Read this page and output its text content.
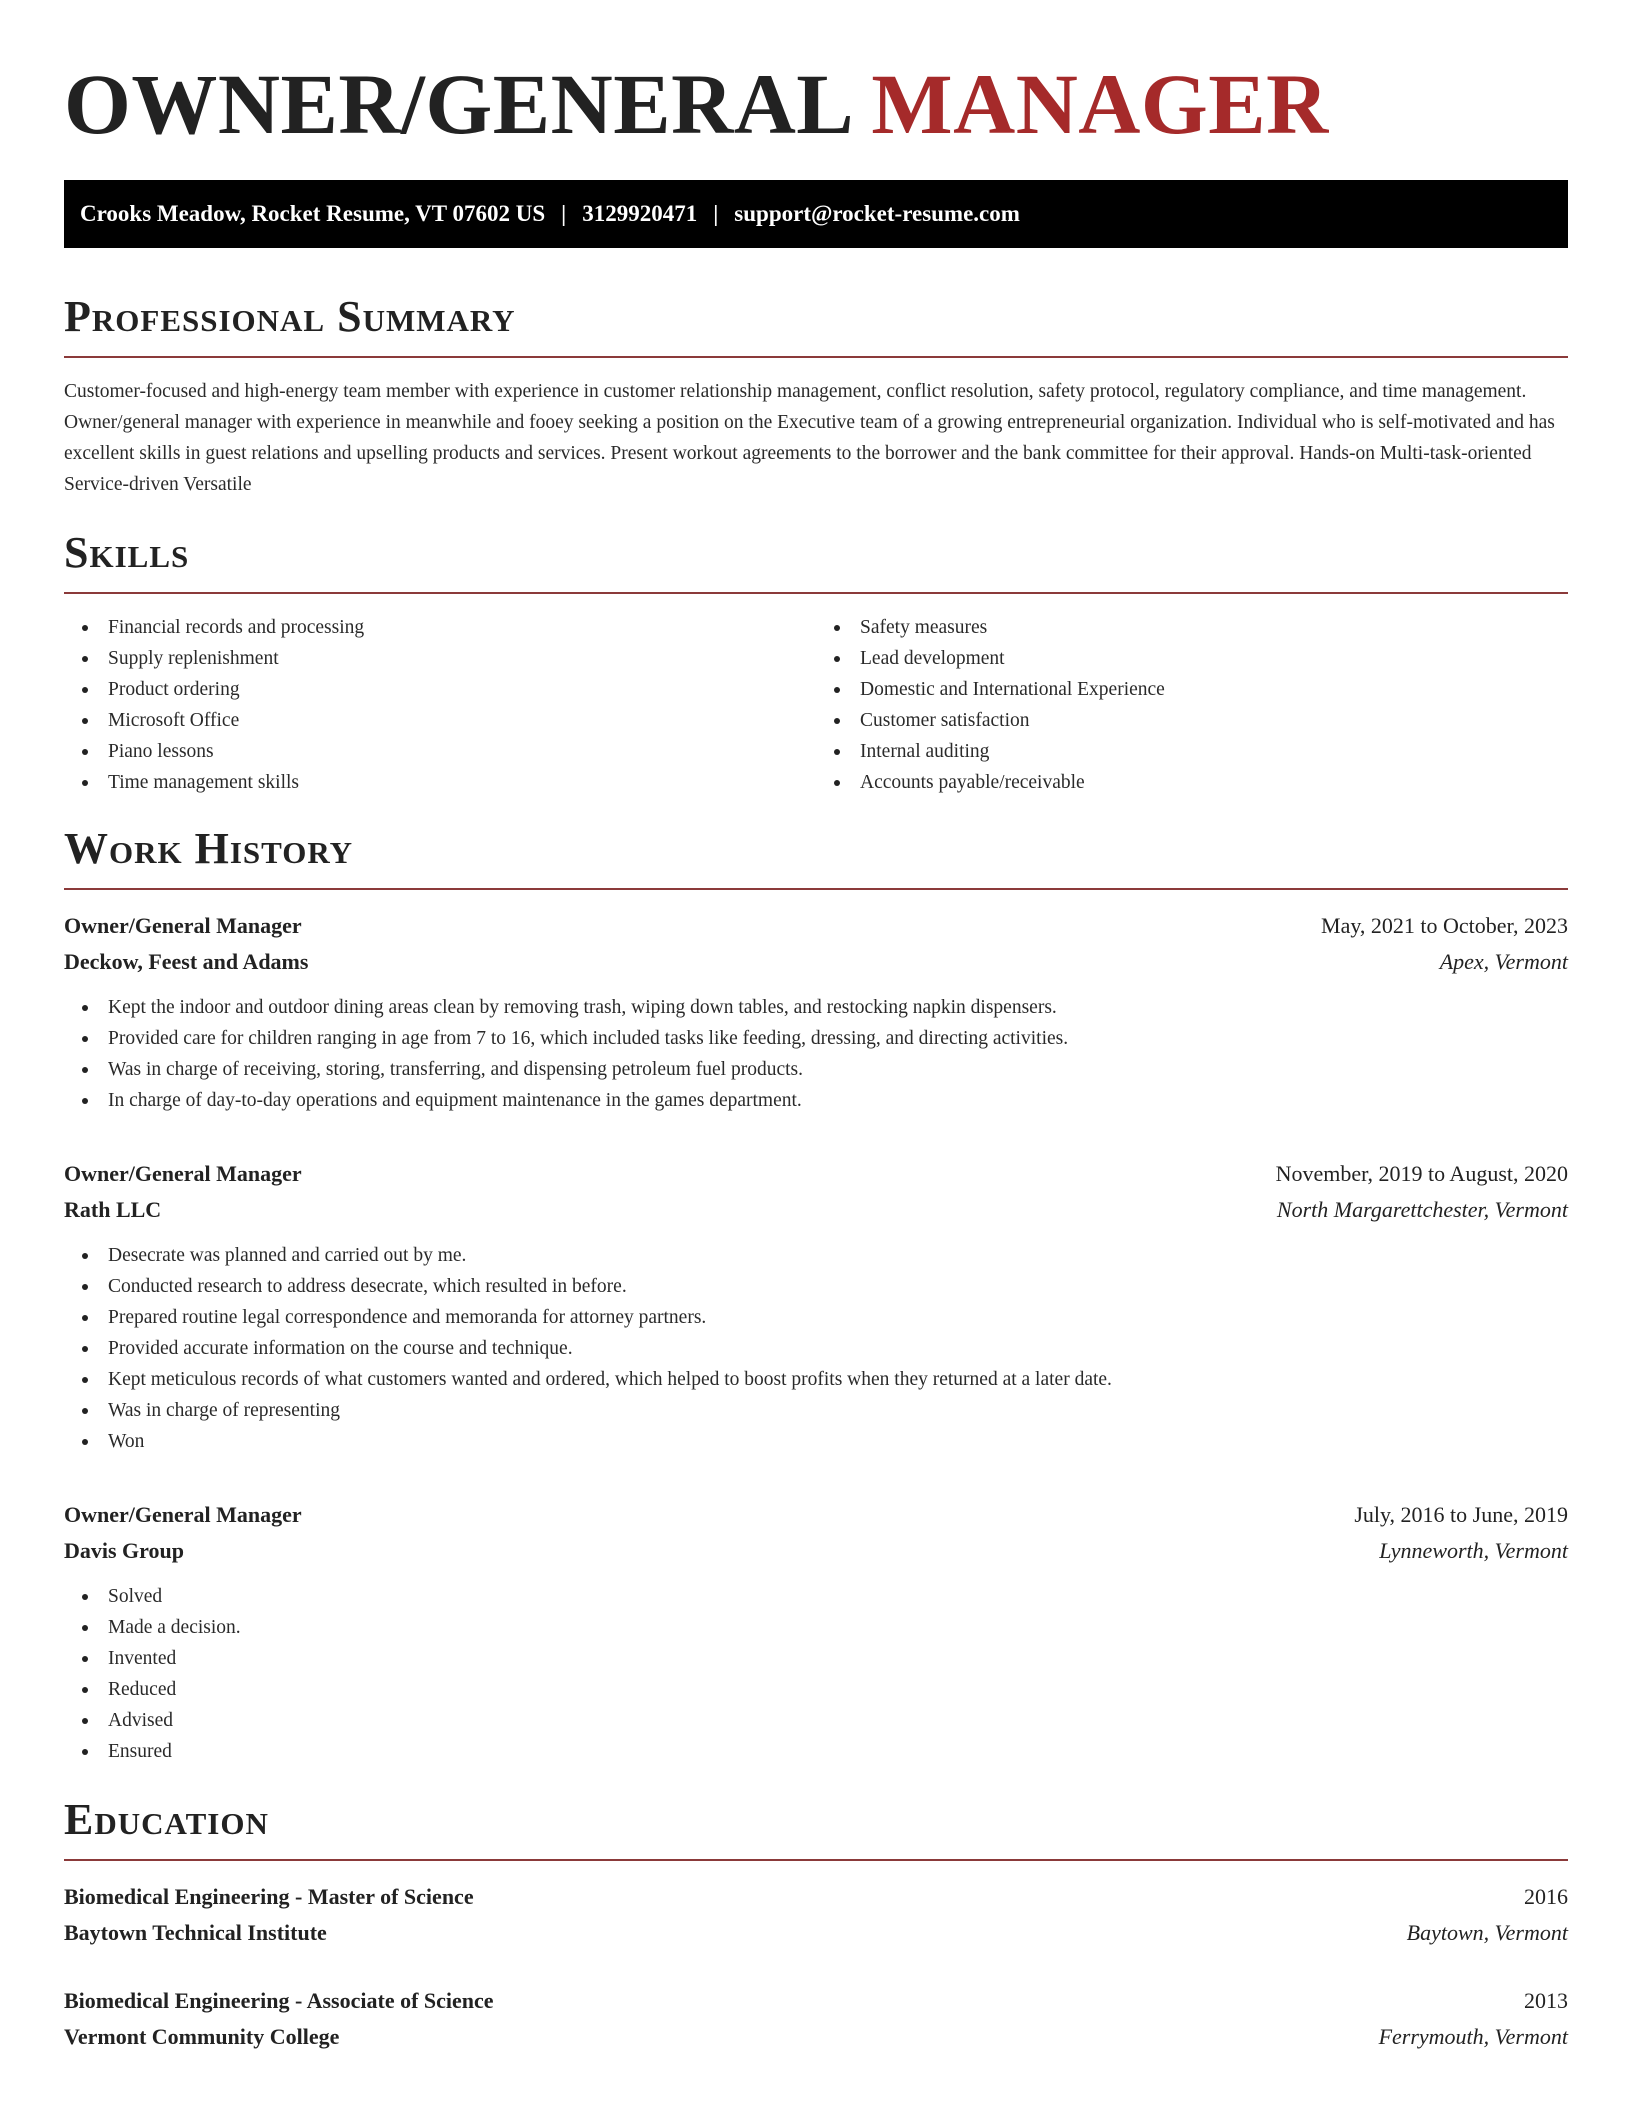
OWNER/GENERAL MANAGER
Crooks Meadow, Rocket Resume, VT 07602 US | 3129920471 | support@rocket-resume.com
Professional Summary

Customer-focused and high-energy team member with experience in customer relationship management, conflict resolution, safety protocol, regulatory compliance, and time management. Owner/general manager with experience in meanwhile and fooey seeking a position on the Executive team of a growing entrepreneurial organization. Individual who is self-motivated and has excellent skills in guest relations and upselling products and services. Present workout agreements to the borrower and the bank committee for their approval. Hands-on Multi-task-oriented Service-driven Versatile

Skills
Financial records and processing
Supply replenishment
Product ordering
Microsoft Office
Piano lessons
Time management skills
Safety measures
Lead development
Domestic and International Experience
Customer satisfaction
Internal auditing
Accounts payable/receivable
Work History
Owner/General Manager	May, 2021 to October, 2023
Deckow, Feest and Adams	Apex, Vermont
Kept the indoor and outdoor dining areas clean by removing trash, wiping down tables, and restocking napkin dispensers.
Provided care for children ranging in age from 7 to 16, which included tasks like feeding, dressing, and directing activities.
Was in charge of receiving, storing, transferring, and dispensing petroleum fuel products.
In charge of day-to-day operations and equipment maintenance in the games department.
Owner/General Manager	November, 2019 to August, 2020
Rath LLC	North Margarettchester, Vermont
Desecrate was planned and carried out by me.
Conducted research to address desecrate, which resulted in before.
Prepared routine legal correspondence and memoranda for attorney partners.
Provided accurate information on the course and technique.
Kept meticulous records of what customers wanted and ordered, which helped to boost profits when they returned at a later date.
Was in charge of representing
Won
Owner/General Manager	July, 2016 to June, 2019
Davis Group	Lynneworth, Vermont
Solved
Made a decision.
Invented
Reduced
Advised
Ensured
Education
Biomedical Engineering - Master of Science	2016
Baytown Technical Institute	Baytown, Vermont
Biomedical Engineering - Associate of Science	2013
Vermont Community College	Ferrymouth, Vermont
